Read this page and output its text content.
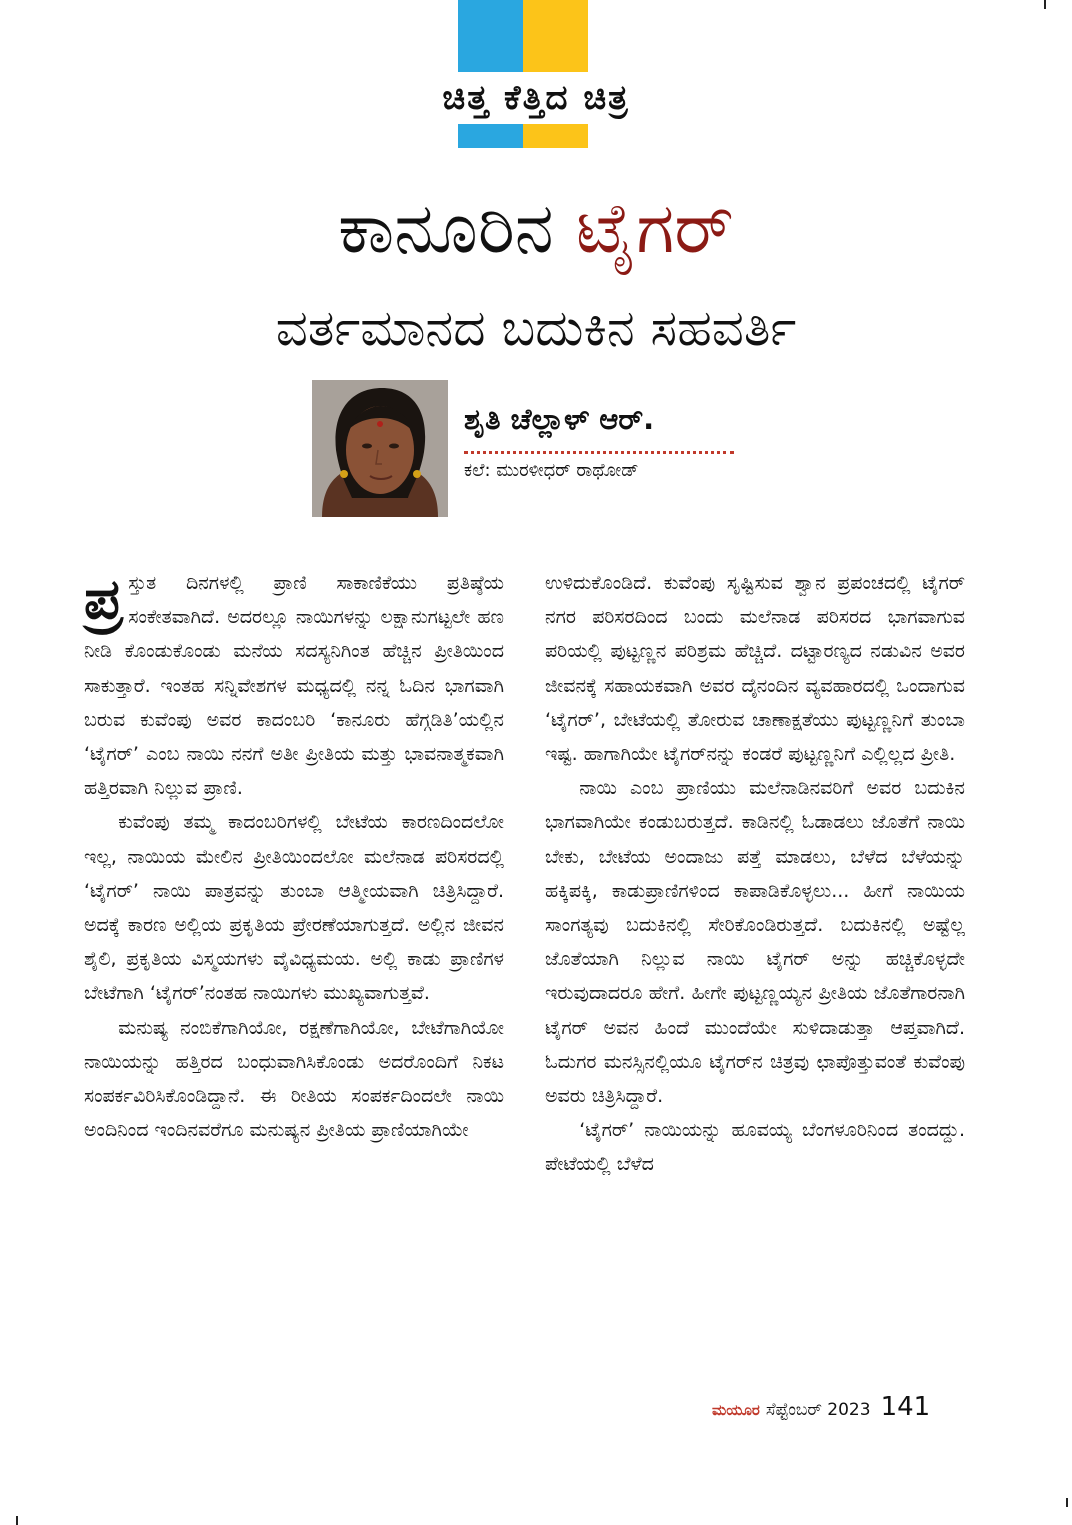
ಚಿತ್ತ ಕೆತ್ತಿದ ಚಿತ್ರ
ಕಾನೂರಿನ ಟೈಗರ್
ವರ್ತಮಾನದ ಬದುಕಿನ ಸಹವರ್ತಿ
ಶೃತಿ ಚೆಲ್ಲಾಳ್ ಆರ್.
ಕಲೆ: ಮುರಳೀಧರ್ ರಾಥೋಡ್

ಪ್ರ ಸ್ತುತ ದಿನಗಳಲ್ಲಿ ಪ್ರಾಣಿ ಸಾಕಾಣಿಕೆಯು ಪ್ರತಿಷ್ಠೆಯ ಸಂಕೇತವಾಗಿದೆ. ಅದರಲ್ಲೂ ನಾಯಿಗಳನ್ನು ಲಕ್ಷಾನುಗಟ್ಟಲೇ ಹಣ ನೀಡಿ ಕೊಂಡುಕೊಂಡು ಮನೆಯ ಸದಸ್ಯನಿಗಿಂತ ಹೆಚ್ಚಿನ ಪ್ರೀತಿಯಿಂದ ಸಾಕುತ್ತಾರೆ. ಇಂತಹ ಸನ್ನಿವೇಶಗಳ ಮಧ್ಯದಲ್ಲಿ ನನ್ನ ಓದಿನ ಭಾಗವಾಗಿ ಬರುವ ಕುವೆಂಪು ಅವರ ಕಾದಂಬರಿ ‘ಕಾನೂರು ಹೆಗ್ಗಡಿತಿ’ಯಲ್ಲಿನ ‘ಟೈಗರ್’ ಎಂಬ ನಾಯಿ ನನಗೆ ಅತೀ ಪ್ರೀತಿಯ ಮತ್ತು ಭಾವನಾತ್ಮಕವಾಗಿ ಹತ್ತಿರವಾಗಿ ನಿಲ್ಲುವ ಪ್ರಾಣಿ.

ಕುವೆಂಪು ತಮ್ಮ ಕಾದಂಬರಿಗಳಲ್ಲಿ ಬೇಟೆಯ ಕಾರಣದಿಂದಲೋ ಇಲ್ಲ, ನಾಯಿಯ ಮೇಲಿನ ಪ್ರೀತಿಯಿಂದಲೋ ಮಲೆನಾಡ ಪರಿಸರದಲ್ಲಿ ‘ಟೈಗರ್’ ನಾಯಿ ಪಾತ್ರವನ್ನು ತುಂಬಾ ಆತ್ಮೀಯವಾಗಿ ಚಿತ್ರಿಸಿದ್ದಾರೆ. ಅದಕ್ಕೆ ಕಾರಣ ಅಲ್ಲಿಯ ಪ್ರಕೃತಿಯ ಪ್ರೇರಣೆಯಾಗುತ್ತದೆ. ಅಲ್ಲಿನ ಜೀವನ ಶೈಲಿ, ಪ್ರಕೃತಿಯ ವಿಸ್ಮಯಗಳು ವೈವಿಧ್ಯಮಯ. ಅಲ್ಲಿ ಕಾಡು ಪ್ರಾಣಿಗಳ ಬೇಟೆಗಾಗಿ ‘ಟೈಗರ್’ನಂತಹ ನಾಯಿಗಳು ಮುಖ್ಯವಾಗುತ್ತವೆ.

ಮನುಷ್ಯ ನಂಬಿಕೆಗಾಗಿಯೋ, ರಕ್ಷಣೆಗಾಗಿಯೋ, ಬೇಟೆಗಾಗಿಯೋ ನಾಯಿಯನ್ನು ಹತ್ತಿರದ ಬಂಧುವಾಗಿಸಿಕೊಂಡು ಅದರೊಂದಿಗೆ ನಿಕಟ ಸಂಪರ್ಕವಿರಿಸಿಕೊಂಡಿದ್ದಾನೆ. ಈ ರೀತಿಯ ಸಂಪರ್ಕದಿಂದಲೇ ನಾಯಿ ಅಂದಿನಿಂದ ಇಂದಿನವರೆಗೂ ಮನುಷ್ಯನ ಪ್ರೀತಿಯ ಪ್ರಾಣಿಯಾಗಿಯೇ

ಉಳಿದುಕೊಂಡಿದೆ. ಕುವೆಂಪು ಸೃಷ್ಟಿಸುವ ಶ್ವಾನ ಪ್ರಪಂಚದಲ್ಲಿ ಟೈಗರ್ ನಗರ ಪರಿಸರದಿಂದ ಬಂದು ಮಲೆನಾಡ ಪರಿಸರದ ಭಾಗವಾಗುವ ಪರಿಯಲ್ಲಿ ಪುಟ್ಟಣ್ಣನ ಪರಿಶ್ರಮ ಹೆಚ್ಚಿದೆ. ದಟ್ಟಾರಣ್ಯದ ನಡುವಿನ ಅವರ ಜೀವನಕ್ಕೆ ಸಹಾಯಕವಾಗಿ ಅವರ ದೈನಂದಿನ ವ್ಯವಹಾರದಲ್ಲಿ ಒಂದಾಗುವ ‘ಟೈಗರ್’, ಬೇಟೆಯಲ್ಲಿ ತೋರುವ ಚಾಣಾಕ್ಷತೆಯು ಪುಟ್ಟಣ್ಣನಿಗೆ ತುಂಬಾ ಇಷ್ಟ. ಹಾಗಾಗಿಯೇ ಟೈಗರ್‌ನನ್ನು ಕಂಡರೆ ಪುಟ್ಟಣ್ಣನಿಗೆ ಎಲ್ಲಿಲ್ಲದ ಪ್ರೀತಿ.

ನಾಯಿ ಎಂಬ ಪ್ರಾಣಿಯು ಮಲೆನಾಡಿನವರಿಗೆ ಅವರ ಬದುಕಿನ ಭಾಗವಾಗಿಯೇ ಕಂಡುಬರುತ್ತದೆ. ಕಾಡಿನಲ್ಲಿ ಓಡಾಡಲು ಜೊತೆಗೆ ನಾಯಿ ಬೇಕು, ಬೇಟೆಯ ಅಂದಾಜು ಪತ್ತೆ ಮಾಡಲು, ಬೆಳೆದ ಬೆಳೆಯನ್ನು ಹಕ್ಕಿಪಕ್ಕಿ, ಕಾಡುಪ್ರಾಣಿಗಳಿಂದ ಕಾಪಾಡಿಕೊಳ್ಳಲು... ಹೀಗೆ ನಾಯಿಯ ಸಾಂಗತ್ಯವು ಬದುಕಿನಲ್ಲಿ ಸೇರಿಕೊಂಡಿರುತ್ತದೆ. ಬದುಕಿನಲ್ಲಿ ಅಷ್ಟೆಲ್ಲ ಜೊತೆಯಾಗಿ ನಿಲ್ಲುವ ನಾಯಿ ಟೈಗರ್ ಅನ್ನು ಹಚ್ಚಿಕೊಳ್ಳದೇ ಇರುವುದಾದರೂ ಹೇಗೆ. ಹೀಗೇ ಪುಟ್ಟಣ್ಣಯ್ಯನ ಪ್ರೀತಿಯ ಜೊತೆಗಾರನಾಗಿ ಟೈಗರ್ ಅವನ ಹಿಂದೆ ಮುಂದೆಯೇ ಸುಳಿದಾಡುತ್ತಾ ಆಪ್ತವಾಗಿದೆ. ಓದುಗರ ಮನಸ್ಸಿನಲ್ಲಿಯೂ ಟೈಗರ್‌ನ ಚಿತ್ರವು ಛಾಪೊತ್ತುವಂತೆ ಕುವೆಂಪು ಅವರು ಚಿತ್ರಿಸಿದ್ದಾರೆ.

‘ಟೈಗರ್’ ನಾಯಿಯನ್ನು ಹೂವಯ್ಯ ಬೆಂಗಳೂರಿನಿಂದ ತಂದದ್ದು. ಪೇಟೆಯಲ್ಲಿ ಬೆಳೆದ

ಮಯೂರ ಸೆಪ್ಟೆಂಬರ್ 2023 141
